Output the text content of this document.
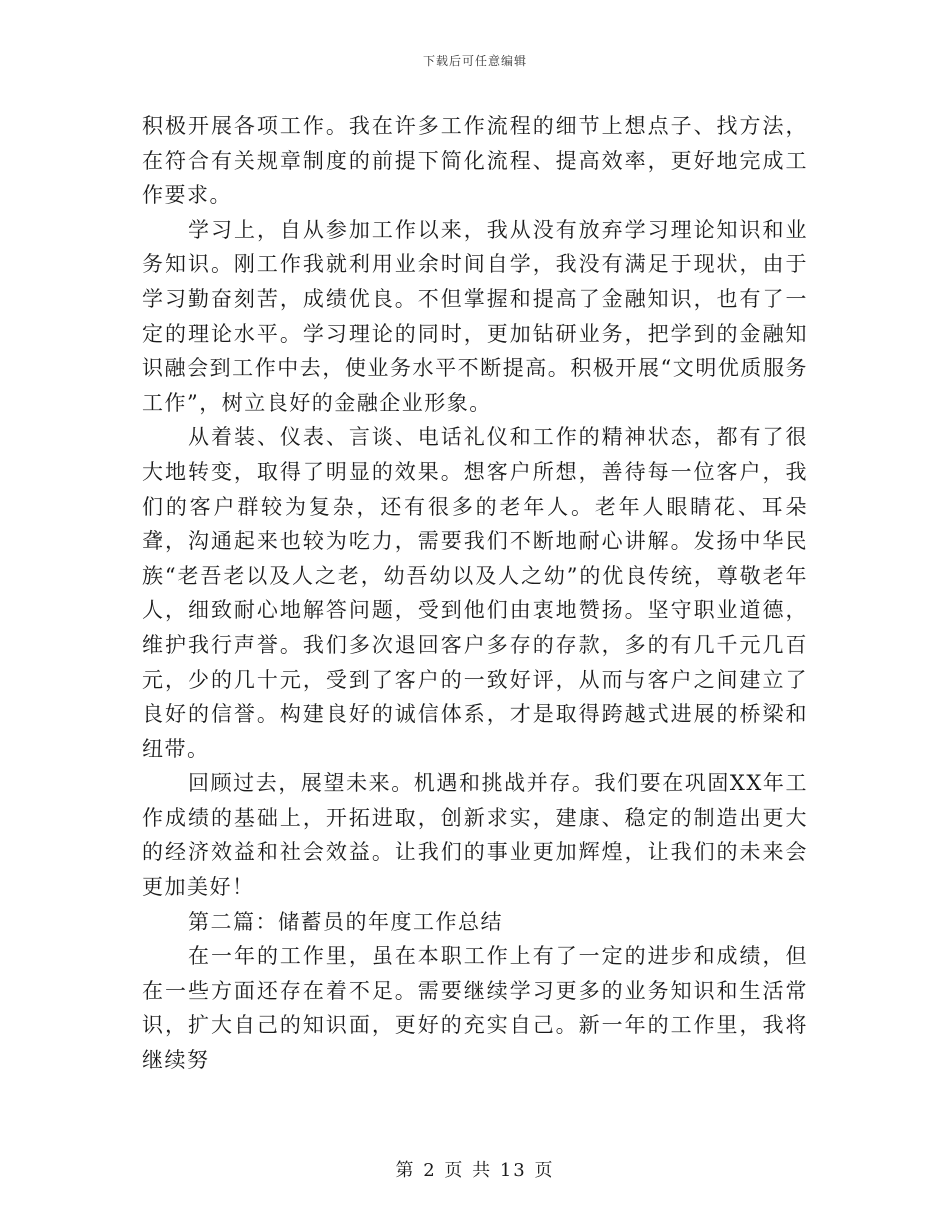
下载后可任意编辑

积极开展各项工作。我在许多工作流程的细节上想点子、找方法，在符合有关规章制度的前提下简化流程、提高效率，更好地完成工作要求。

学习上，自从参加工作以来，我从没有放弃学习理论知识和业务知识。刚工作我就利用业余时间自学，我没有满足于现状，由于学习勤奋刻苦，成绩优良。不但掌握和提高了金融知识，也有了一定的理论水平。学习理论的同时，更加钻研业务，把学到的金融知识融会到工作中去，使业务水平不断提高。积极开展“文明优质服务工作”，树立良好的金融企业形象。

从着装、仪表、言谈、电话礼仪和工作的精神状态，都有了很大地转变，取得了明显的效果。想客户所想，善待每一位客户，我们的客户群较为复杂，还有很多的老年人。老年人眼睛花、耳朵聋，沟通起来也较为吃力，需要我们不断地耐心讲解。发扬中华民族“老吾老以及人之老，幼吾幼以及人之幼”的优良传统，尊敬老年人，细致耐心地解答问题，受到他们由衷地赞扬。坚守职业道德，维护我行声誉。我们多次退回客户多存的存款，多的有几千元几百元，少的几十元，受到了客户的一致好评，从而与客户之间建立了良好的信誉。构建良好的诚信体系，才是取得跨越式进展的桥梁和纽带。

回顾过去，展望未来。机遇和挑战并存。我们要在巩固XX年工作成绩的基础上，开拓进取，创新求实，建康、稳定的制造出更大的经济效益和社会效益。让我们的事业更加辉煌，让我们的未来会更加美好！

第二篇：储蓄员的年度工作总结

在一年的工作里，虽在本职工作上有了一定的进步和成绩，但在一些方面还存在着不足。需要继续学习更多的业务知识和生活常识，扩大自己的知识面，更好的充实自己。新一年的工作里，我将继续努

第 2 页 共 13 页
